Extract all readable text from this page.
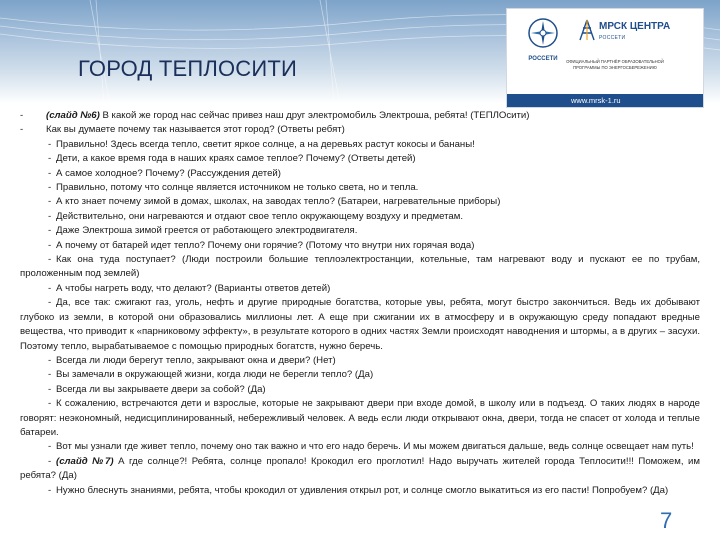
ГОРОД ТЕПЛОСИТИ	РОССЕТИ
МРСК ЦЕНТРА
РОССЕТИ
ОФИЦИАЛЬНЫЙ ПАРТНЁР ОБРАЗОВАТЕЛЬНОЙ ПРОГРАММЫ ПО ЭНЕРГОСБЕРЕЖЕНИЮ
www.mrsk-1.ru

- (слайд №6) В какой же город нас сейчас привез наш друг электромобиль Электроша, ребята! (ТЕПЛОсити)

- Как вы думаете почему так называется этот город? (Ответы ребят)

- Правильно! Здесь всегда тепло, светит яркое солнце, а на деревьях растут кокосы и бананы!

- Дети, а какое время года в наших краях самое теплое? Почему? (Ответы детей)

- А самое холодное? Почему? (Рассуждения детей)

- Правильно, потому что солнце является источником не только света, но и тепла.

- А кто знает почему зимой в домах, школах, на заводах тепло? (Батареи, нагревательные приборы)

- Действительно, они нагреваются и отдают свое тепло окружающему воздуху и предметам.

- Даже Электроша зимой греется от работающего электродвигателя.

- А почему от батарей идет тепло? Почему они горячие? (Потому что внутри них горячая вода)

- Как она туда поступает? (Люди построили большие теплоэлектростанции, котельные, там нагревают воду и пускают ее по трубам, проложенным под землей)

- А чтобы нагреть воду, что делают? (Варианты ответов детей)

- Да, все так: сжигают газ, уголь, нефть и другие природные богатства, которые увы, ребята, могут быстро закончиться. Ведь их добывают глубоко из земли, в которой они образовались миллионы лет. А еще при сжигании их в атмосферу и в окружающую среду попадают вредные вещества, что приводит к «парниковому эффекту», в результате которого в одних частях Земли происходят наводнения и штормы, а в других – засухи. Поэтому тепло, вырабатываемое с помощью природных богатств, нужно беречь.

- Всегда ли люди берегут тепло, закрывают окна и двери? (Нет)

- Вы замечали в окружающей жизни, когда люди не берегли тепло? (Да)

- Всегда ли вы закрываете двери за собой? (Да)

- К сожалению, встречаются дети и взрослые, которые не закрывают двери при входе домой, в школу или в подъезд. О таких людях в народе говорят: неэкономный, недисциплинированный, небережливый человек. А ведь если люди открывают окна, двери, тогда не спасет от холода и теплые батареи.

- Вот мы узнали где живет тепло, почему оно так важно и что его надо беречь. И мы можем двигаться дальше, ведь солнце освещает нам путь!

- (слайд №7) А где солнце?! Ребята, солнце пропало! Крокодил его проглотил! Надо выручать жителей города Теплосити!!! Поможем, им ребята? (Да)

- Нужно блеснуть знаниями, ребята, чтобы крокодил от удивления открыл рот, и солнце смогло выкатиться из его пасти! Попробуем? (Да)

7
